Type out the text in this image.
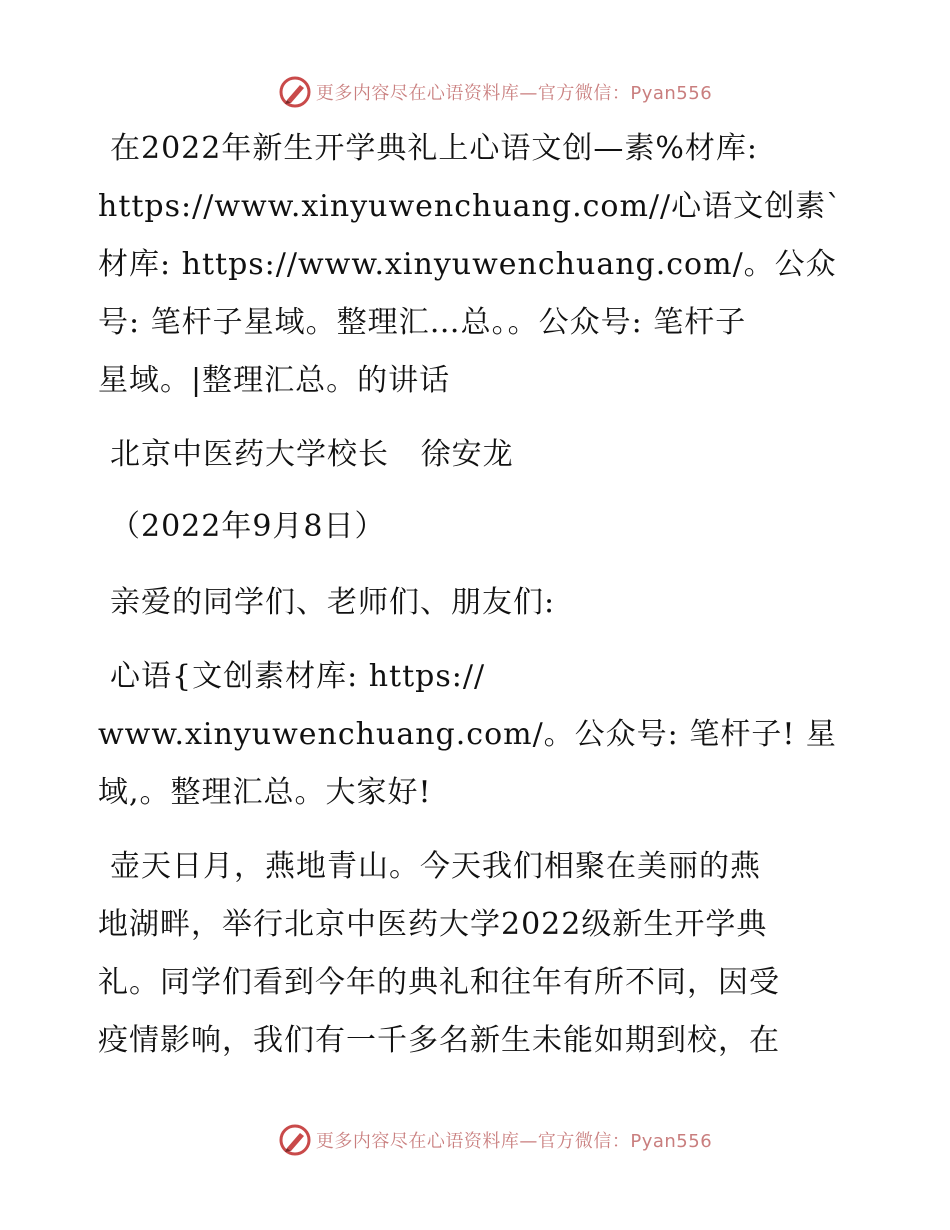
更多内容尽在心语资料库—官方微信：Pyan556
在2022年新生开学典礼上心语文创—素%材库:
https://www.xinyuwenchuang.com//心语文创素`
材库: https://www.xinyuwenchuang.com/。公众
号: 笔杆子星域。整理汇…总。。公众号: 笔杆子
星域。|整理汇总。的讲话
北京中医药大学校长   徐安龙
（2022年9月8日）
亲爱的同学们、老师们、朋友们:
心语{文创素材库: https://
www.xinyuwenchuang.com/。公众号: 笔杆子! 星
域,。整理汇总。大家好!
壶天日月，燕地青山。今天我们相聚在美丽的燕
地湖畔，举行北京中医药大学2022级新生开学典
礼。同学们看到今年的典礼和往年有所不同，因受
疫情影响，我们有一千多名新生未能如期到校，在
更多内容尽在心语资料库—官方微信：Pyan556
